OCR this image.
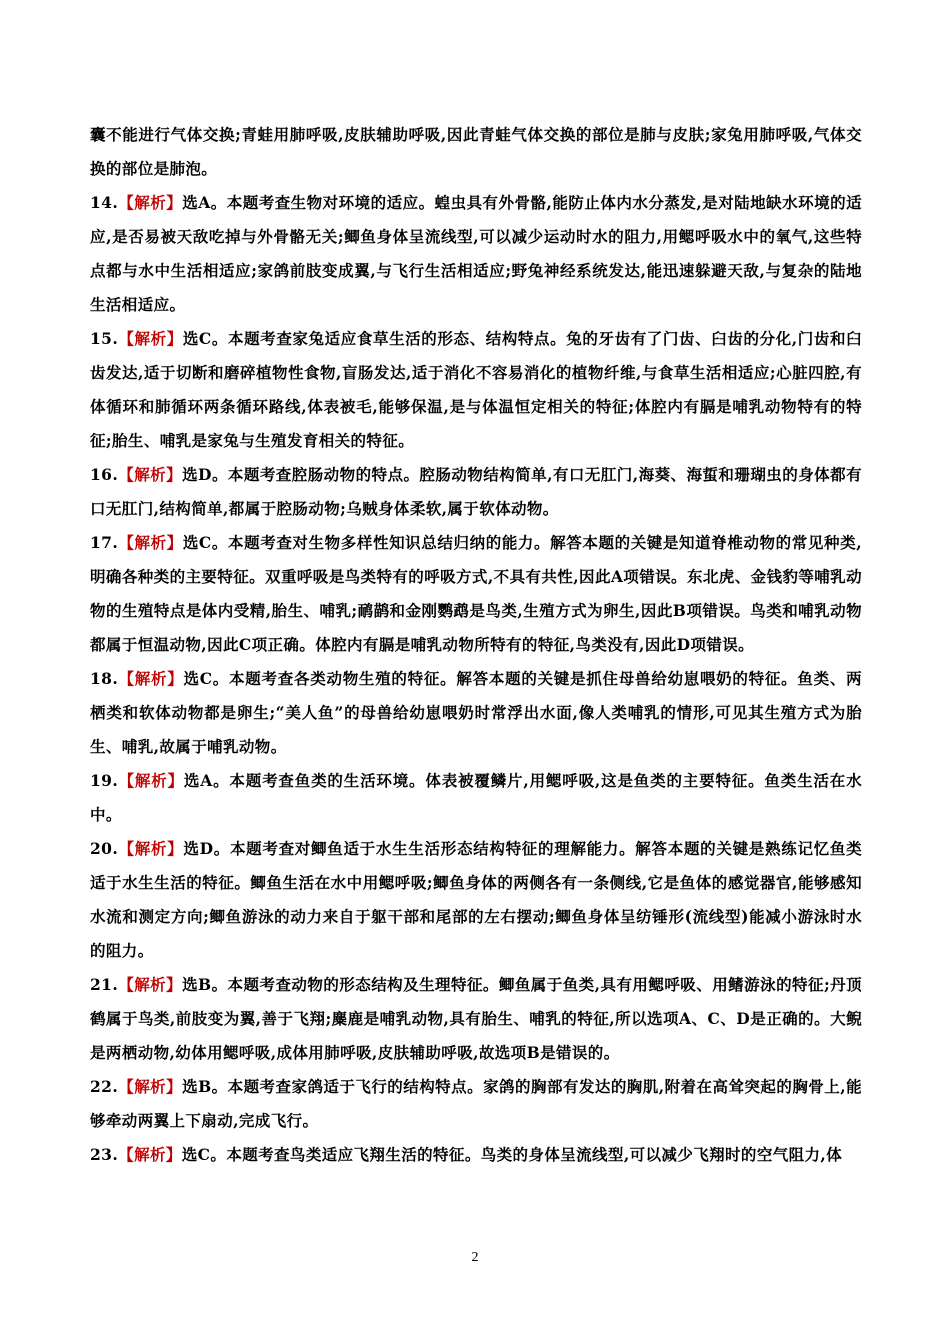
囊不能进行气体交换;青蛙用肺呼吸,皮肤辅助呼吸,因此青蛙气体交换的部位是肺与皮肤;家兔用肺呼吸,气体交换的部位是肺泡。

14.【解析】选A。本题考查生物对环境的适应。蝗虫具有外骨骼,能防止体内水分蒸发,是对陆地缺水环境的适应,是否易被天敌吃掉与外骨骼无关;鲫鱼身体呈流线型,可以减少运动时水的阻力,用鳃呼吸水中的氧气,这些特点都与水中生活相适应;家鸽前肢变成翼,与飞行生活相适应;野兔神经系统发达,能迅速躲避天敌,与复杂的陆地生活相适应。

15.【解析】选C。本题考查家兔适应食草生活的形态、结构特点。兔的牙齿有了门齿、臼齿的分化,门齿和臼齿发达,适于切断和磨碎植物性食物,盲肠发达,适于消化不容易消化的植物纤维,与食草生活相适应;心脏四腔,有体循环和肺循环两条循环路线,体表被毛,能够保温,是与体温恒定相关的特征;体腔内有膈是哺乳动物特有的特征;胎生、哺乳是家兔与生殖发育相关的特征。

16.【解析】选D。本题考查腔肠动物的特点。腔肠动物结构简单,有口无肛门,海葵、海蜇和珊瑚虫的身体都有口无肛门,结构简单,都属于腔肠动物;乌贼身体柔软,属于软体动物。

17.【解析】选C。本题考查对生物多样性知识总结归纳的能力。解答本题的关键是知道脊椎动物的常见种类,明确各种类的主要特征。双重呼吸是鸟类特有的呼吸方式,不具有共性,因此A项错误。东北虎、金钱豹等哺乳动物的生殖特点是体内受精,胎生、哺乳;鸸鹋和金刚鹦鹉是鸟类,生殖方式为卵生,因此B项错误。鸟类和哺乳动物都属于恒温动物,因此C项正确。体腔内有膈是哺乳动物所特有的特征,鸟类没有,因此D项错误。

18.【解析】选C。本题考查各类动物生殖的特征。解答本题的关键是抓住母兽给幼崽喂奶的特征。鱼类、两栖类和软体动物都是卵生;“美人鱼”的母兽给幼崽喂奶时常浮出水面,像人类哺乳的情形,可见其生殖方式为胎生、哺乳,故属于哺乳动物。

19.【解析】选A。本题考查鱼类的生活环境。体表被覆鳞片,用鳃呼吸,这是鱼类的主要特征。鱼类生活在水中。

20.【解析】选D。本题考查对鲫鱼适于水生生活形态结构特征的理解能力。解答本题的关键是熟练记忆鱼类适于水生生活的特征。鲫鱼生活在水中用鳃呼吸;鲫鱼身体的两侧各有一条侧线,它是鱼体的感觉器官,能够感知水流和测定方向;鲫鱼游泳的动力来自于躯干部和尾部的左右摆动;鲫鱼身体呈纺锤形(流线型)能减小游泳时水的阻力。

21.【解析】选B。本题考查动物的形态结构及生理特征。鲫鱼属于鱼类,具有用鳃呼吸、用鳍游泳的特征;丹顶鹤属于鸟类,前肢变为翼,善于飞翔;麋鹿是哺乳动物,具有胎生、哺乳的特征,所以选项A、C、D是正确的。大鲵是两栖动物,幼体用鳃呼吸,成体用肺呼吸,皮肤辅助呼吸,故选项B是错误的。

22.【解析】选B。本题考查家鸽适于飞行的结构特点。家鸽的胸部有发达的胸肌,附着在高耸突起的胸骨上,能够牵动两翼上下扇动,完成飞行。

23.【解析】选C。本题考查鸟类适应飞翔生活的特征。鸟类的身体呈流线型,可以减少飞翔时的空气阻力,体

2
